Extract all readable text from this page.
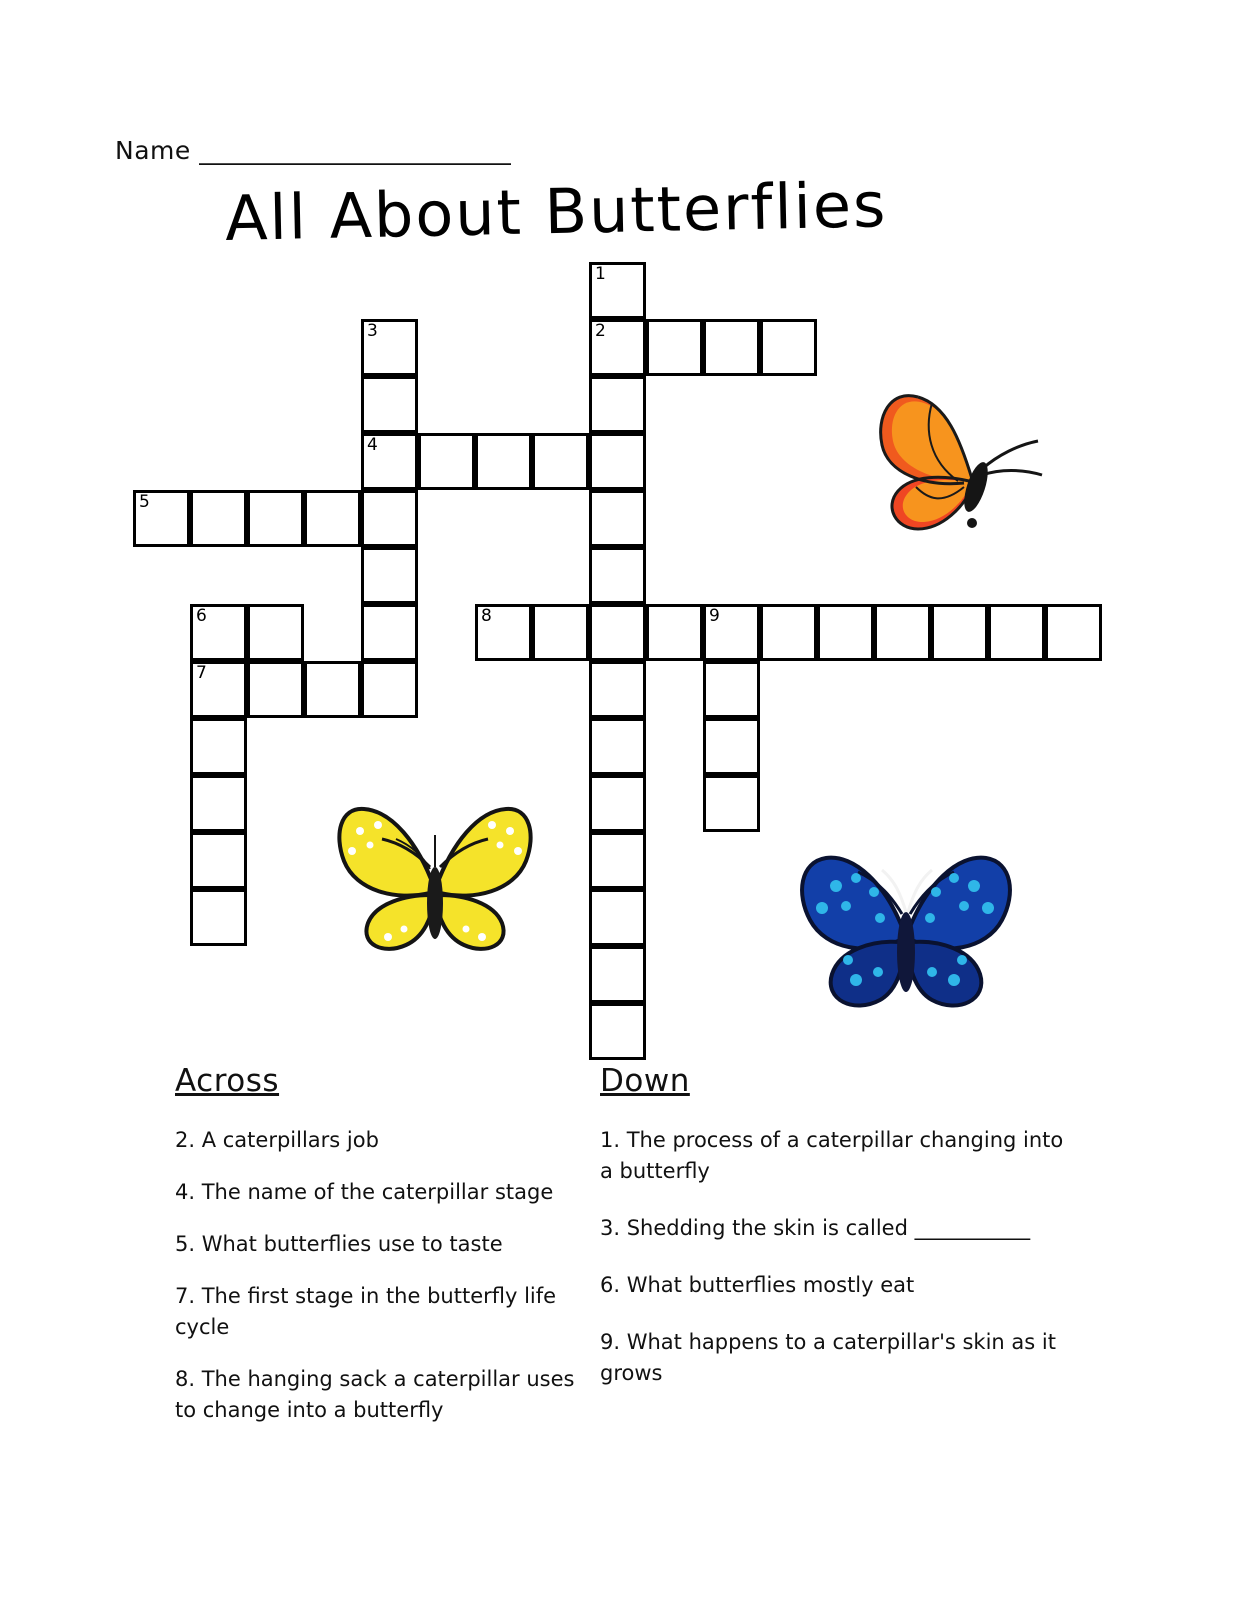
Name ________________________
All About Butterflies
1
3	2
4
5
6	8	9
7
Across
2. A caterpillars job
4. The name of the caterpillar stage
5. What butterflies use to taste
7. The first stage in the butterfly life cycle
8. The hanging sack a caterpillar uses to change into a butterfly
Down
1. The process of a caterpillar changing into a butterfly
3. Shedding the skin is called ___________
6. What butterflies mostly eat
9. What happens to a caterpillar's skin as it grows
